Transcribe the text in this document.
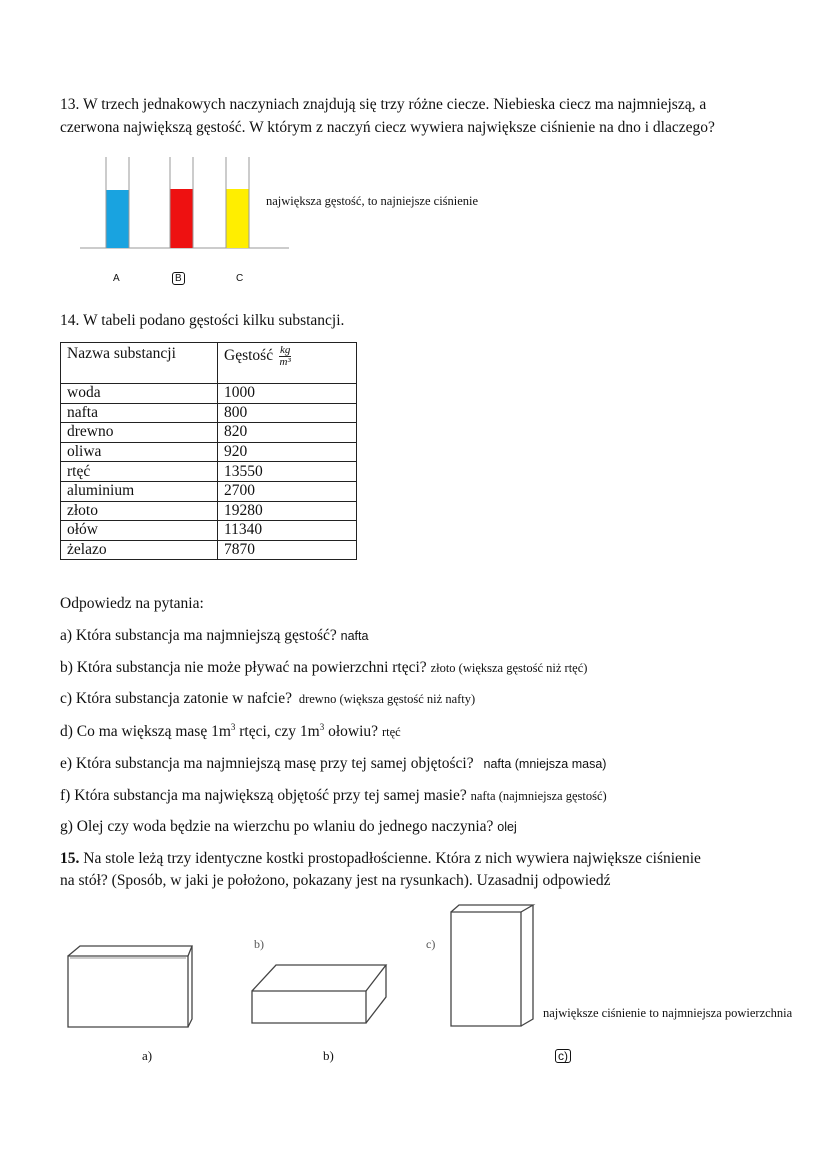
13. W trzech jednakowych naczyniach znajdują się trzy różne ciecze. Niebieska ciecz ma najmniejszą, a
czerwona największą gęstość. W którym z naczyń ciecz wywiera największe ciśnienie na dno i dlaczego?
największa gęstość, to najniejsze ciśnienie
A	B	C
14. W tabeli podano gęstości kilku substancji.
Nazwa substancji	Gęstość $\frac{kg}{\text{m³}}$

woda	1000
nafta	800
drewno	820
oliwa	920
rtęć	13550
aluminium	2700
złoto	19280
ołów	11340
żelazo	7870
Odpowiedz na pytania:
a) Która substancja ma najmniejszą gęstość? nafta
b) Która substancja nie może pływać na powierzchni rtęci? złoto (większa gęstość niż rtęć)
c) Która substancja zatonie w nafcie? drewno (większa gęstość niż nafty)
d) Co ma większą masę $1m^3$ rtęci, czy $1m^3$ ołowiu? rtęć
e) Która substancja ma najmniejszą masę przy tej samej objętości? nafta (mniejsza masa)
f) Która substancja ma największą objętość przy tej samej masie? nafta (najmniejsza gęstość)
g) Olej czy woda będzie na wierzchu po wlaniu do jednego naczynia? olej
15. Na stole leżą trzy identyczne kostki prostopadłościenne. Która z nich wywiera największe ciśnienie
na stół? (Sposób, w jaki je położono, pokazany jest na rysunkach). Uzasadnij odpowiedź
b)	c)
największe ciśnienie to najmniejsza powierzchnia
a)	b)	c)
